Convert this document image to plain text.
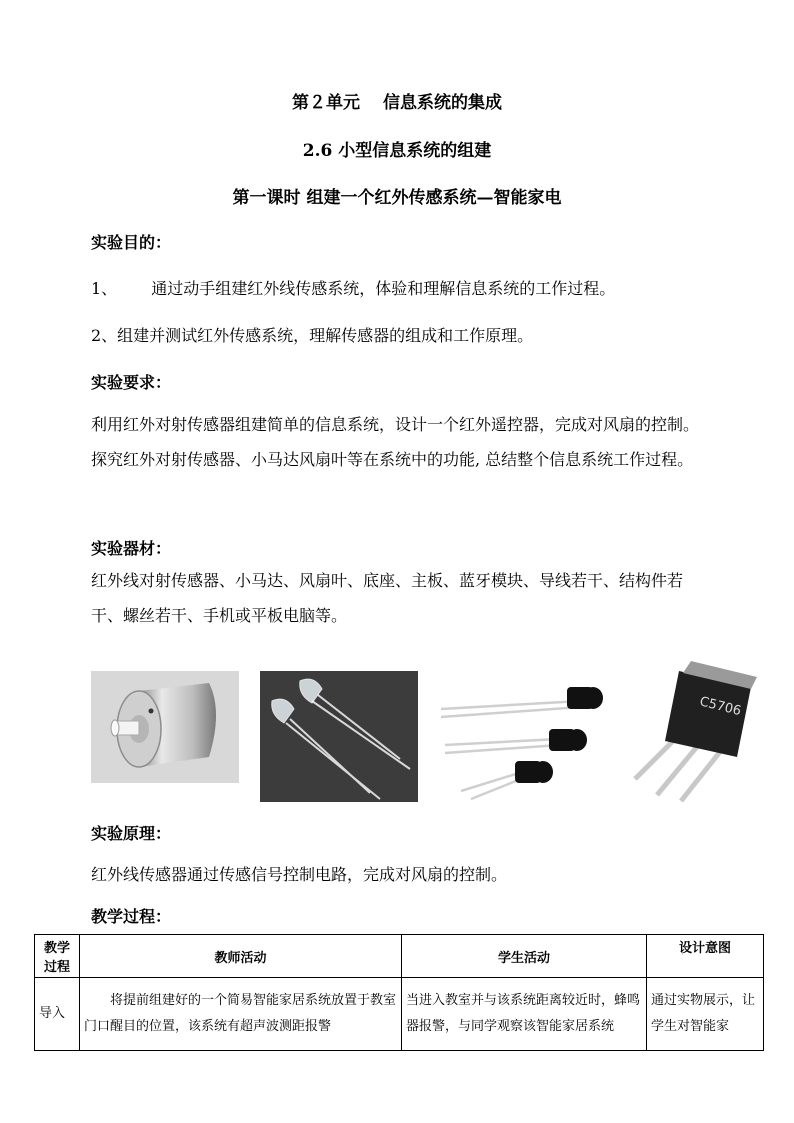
第２单元　 信息系统的集成
2.6 小型信息系统的组建
第一课时 组建一个红外传感系统—智能家电
实验目的：
1、 通过动手组建红外线传感系统，体验和理解信息系统的工作过程。
2、组建并测试红外传感系统，理解传感器的组成和工作原理。
实验要求：
利用红外对射传感器组建简单的信息系统，设计一个红外遥控器，完成对风扇的控制。探究红外对射传感器、小马达风扇叶等在系统中的功能, 总结整个信息系统工作过程。
实验器材：
红外线对射传感器、小马达、风扇叶、底座、主板、蓝牙模块、导线若干、结构件若干、螺丝若干、手机或平板电脑等。
C5706
实验原理：
红外线传感器通过传感信号控制电路，完成对风扇的控制。
教学过程：
教学过程	教师活动	学生活动	设计意图
导入	将提前组建好的一个简易智能家居系统放置于教室门口醒目的位置，该系统有超声波测距报警	当进入教室并与该系统距离较近时，蜂鸣器报警，与同学观察该智能家居系统	通过实物展示，让学生对智能家
